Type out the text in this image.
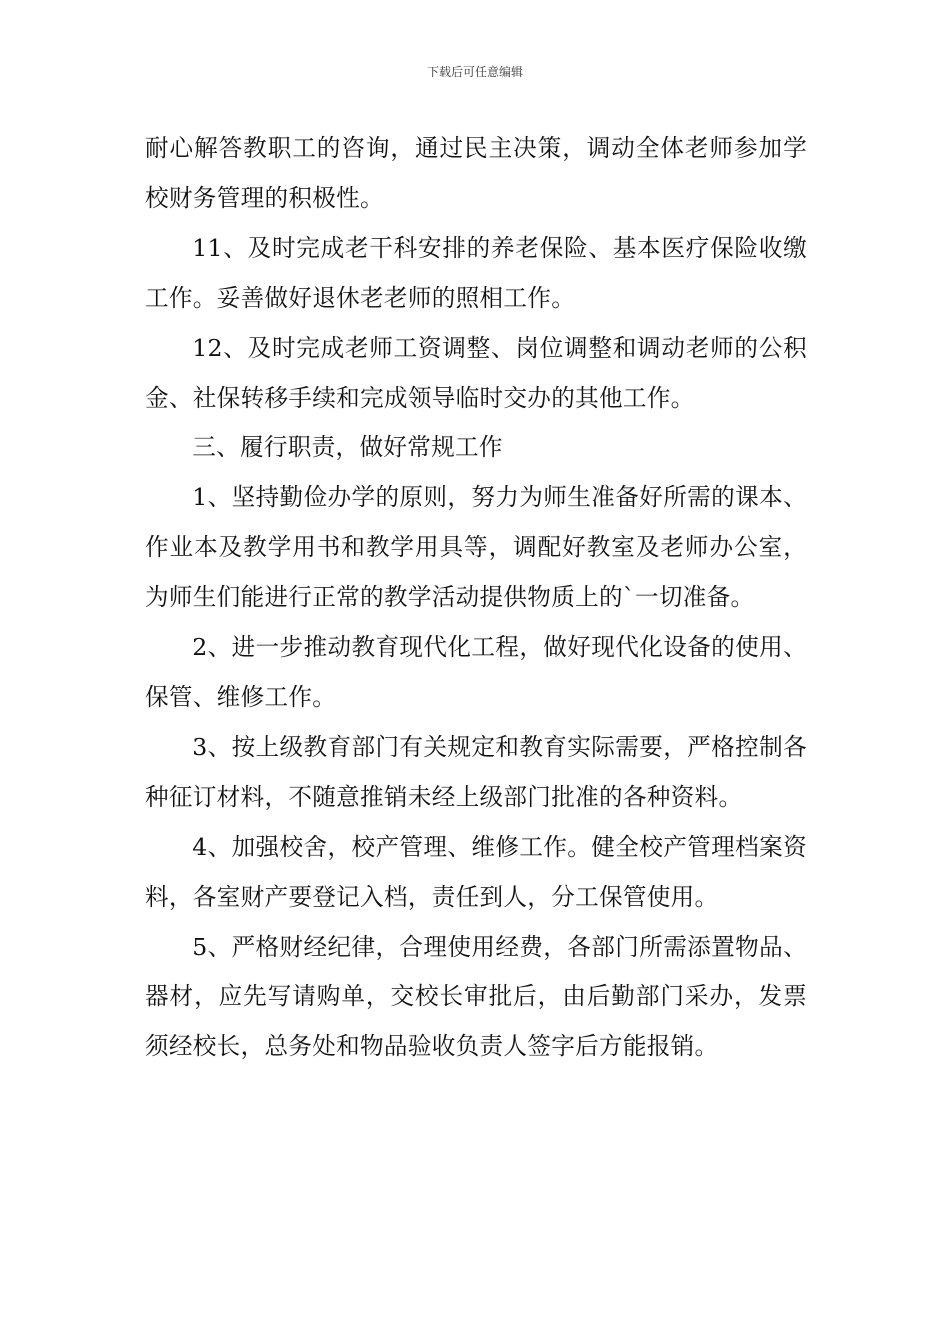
下载后可任意编辑

耐心解答教职工的咨询，通过民主决策，调动全体老师参加学校财务管理的积极性。

11、及时完成老干科安排的养老保险、基本医疗保险收缴工作。妥善做好退休老老师的照相工作。

12、及时完成老师工资调整、岗位调整和调动老师的公积金、社保转移手续和完成领导临时交办的其他工作。

三、履行职责，做好常规工作

1、坚持勤俭办学的原则，努力为师生准备好所需的课本、作业本及教学用书和教学用具等，调配好教室及老师办公室，为师生们能进行正常的教学活动提供物质上的`一切准备。

2、进一步推动教育现代化工程，做好现代化设备的使用、保管、维修工作。

3、按上级教育部门有关规定和教育实际需要，严格控制各种征订材料，不随意推销未经上级部门批准的各种资料。

4、加强校舍，校产管理、维修工作。健全校产管理档案资料，各室财产要登记入档，责任到人，分工保管使用。

5、严格财经纪律，合理使用经费，各部门所需添置物品、器材，应先写请购单，交校长审批后，由后勤部门采办，发票须经校长，总务处和物品验收负责人签字后方能报销。
